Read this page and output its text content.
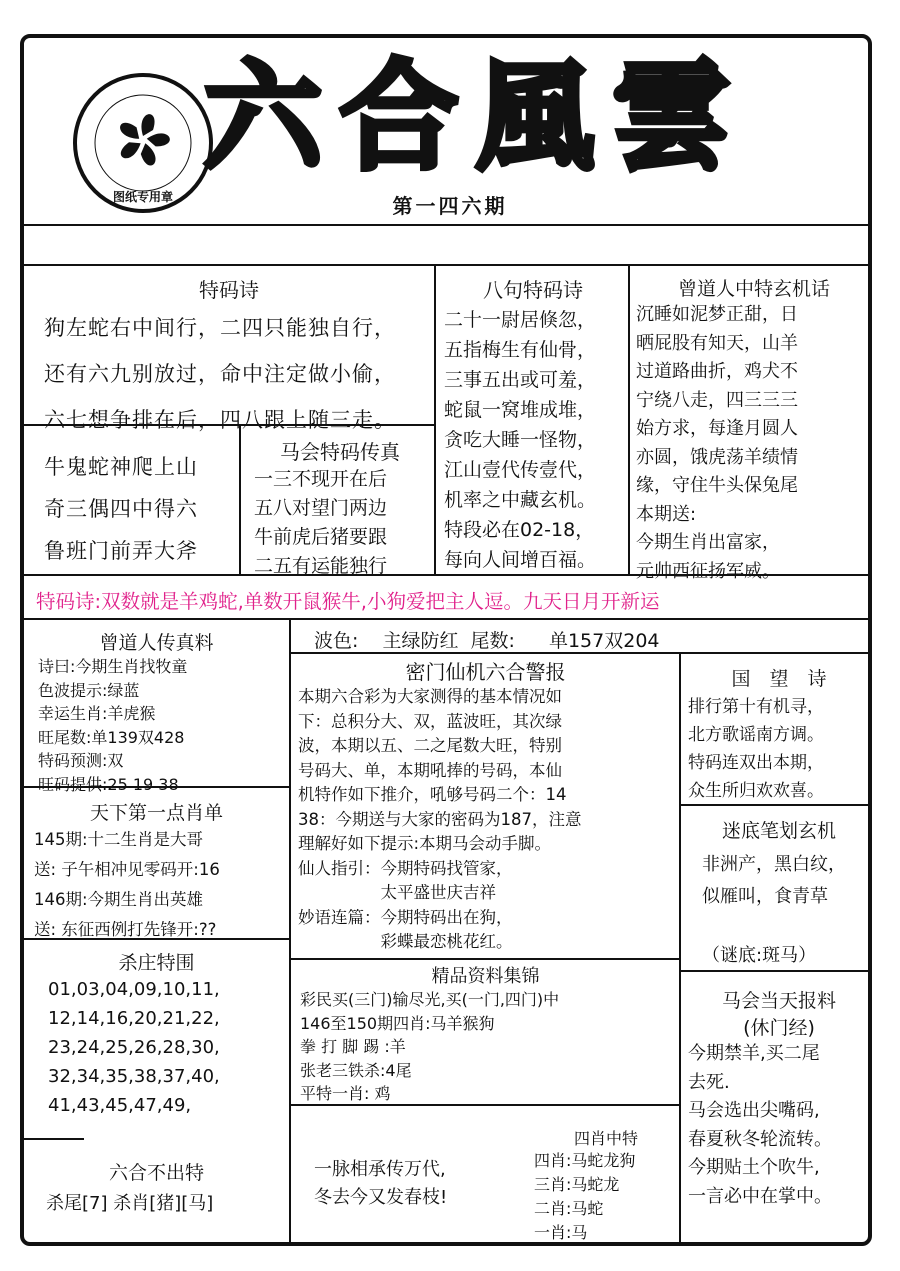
图纸专用章
六合風雲
第一四六期
特码诗
狗左蛇右中间行，二四只能独自行，
还有六九别放过，命中注定做小偷，
六七想争排在后，四八跟上随三走。
牛鬼蛇神爬上山
奇三偶四中得六
鲁班门前弄大斧
马会特码传真
一三不现开在后
五八对望门两边
牛前虎后猪要跟
二五有运能独行
八句特码诗
二十一尉居倏忽，
五指梅生有仙骨，
三事五出或可羞，
蛇鼠一窝堆成堆，
贪吃大睡一怪物，
江山壹代传壹代，
机率之中藏玄机。
特段必在02-18，
每向人间增百福。
曾道人中特玄机话
沉睡如泥梦正甜，日
晒屁股有知天，山羊
过道路曲折，鸡犬不
宁绕八走，四三三三
始方求，每逢月圆人
亦圆，饿虎荡羊绩情
缘，守住牛头保兔尾
本期送:
今期生肖出富家，
元帅西征扬军威。
特码诗:双数就是羊鸡蛇,单数开鼠猴牛,小狗爱把主人逗。九天日月开新运
曾道人传真料
诗曰:今期生肖找牧童
色波提示:绿蓝
幸运生肖:羊虎猴
旺尾数:单139双428
特码预测:双
旺码提供:25 19 38
波色: 主绿防红 尾数: 单157双204
密门仙机六合警报
本期六合彩为大家测得的基本情况如
下：总积分大、双，蓝波旺，其次绿
波，本期以五、二之尾数大旺，特别
号码大、单，本期吼捧的号码，本仙
机特作如下推介，吼够号码二个：14
38：今期送与大家的密码为187，注意
理解好如下提示:本期马会动手脚。
仙人指引：今期特码找管家，
　　　　　太平盛世庆吉祥
妙语连篇：今期特码出在狗，
　　　　　彩蝶最恋桃花红。
国　望　诗
排行第十有机寻，
北方歌谣南方调。
特码连双出本期，
众生所归欢欢喜。
迷底笔划玄机
非洲产，黑白纹，
似雁叫，食青草
（谜底:斑马）
天下第一点肖单
145期:十二生肖是大哥
送: 子午相冲见零码开:16
146期:今期生肖出英雄
送: 东征西例打先锋开:??
精品资料集锦
彩民买(三门)输尽光,买(一门,四门)中
146至150期四肖:马羊猴狗
拳 打 脚 踢 :羊
张老三铁杀:4尾
平特一肖: 鸡
杀庄特围
01,03,04,09,10,11,
12,14,16,20,21,22,
23,24,25,26,28,30,
32,34,35,38,37,40,
41,43,45,47,49,
马会当天报料
(休门经)
今期禁羊,买二尾
去死.
马会选出尖嘴码,
春夏秋冬轮流转。
今期贴土个吹牛,
一言必中在掌中。
六合不出特
杀尾[7] 杀肖[猪][马]
一脉相承传万代,
冬去今又发春枝!
四肖中特
四肖:马蛇龙狗
三肖:马蛇龙
二肖:马蛇
一肖:马
